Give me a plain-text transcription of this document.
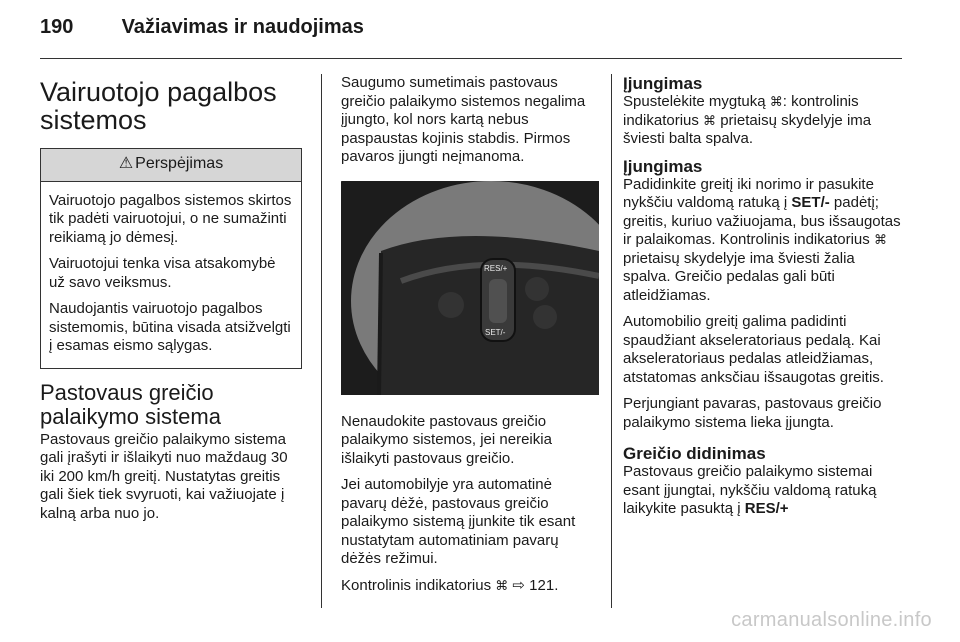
190 Važiavimas ir naudojimas
Vairuotojo pagalbos sistemos
⚠ Perspėjimas

Vairuotojo pagalbos sistemos skirtos tik padėti vairuotojui, o ne sumažinti reikiamą jo dėmesį.

Vairuotojui tenka visa atsakomybė už savo veiksmus.

Naudojantis vairuotojo pagalbos sistemomis, būtina visada atsižvelgti į esamas eismo sąlygas.

Pastovaus greičio palaikymo sistema

Pastovaus greičio palaikymo sistema gali įrašyti ir išlaikyti nuo maždaug 30 iki 200 km/h greitį. Nustatytas greitis gali šiek tiek svyruoti, kai važiuojate į kalną arba nuo jo.

Saugumo sumetimais pastovaus greičio palaikymo sistemos negalima įjungto, kol nors kartą nebus paspaustas kojinis stabdis. Pirmos pavaros įjungti neįmanoma.

RES/+
SET/-

Nenaudokite pastovaus greičio palaikymo sistemos, jei nereikia išlaikyti pastovaus greičio.

Jei automobilyje yra automatinė pavarų dėžė, pastovaus greičio palaikymo sistemą įjunkite tik esant nustatytam automatiniam pavarų dėžės režimui.

Kontrolinis indikatorius ⌘ ⇨ 121.

Įjungimas

Spustelėkite mygtuką ⌘: kontrolinis indikatorius ⌘ prietaisų skydelyje ima šviesti balta spalva.

Įjungimas

Padidinkite greitį iki norimo ir pasukite nykščiu valdomą ratuką į SET/- padėtį; greitis, kuriuo važiuojama, bus išsaugotas ir palaikomas. Kontrolinis indikatorius ⌘ prietaisų skydelyje ima šviesti žalia spalva. Greičio pedalas gali būti atleidžiamas.

Automobilio greitį galima padidinti spaudžiant akseleratoriaus pedalą. Kai akseleratoriaus pedalas atleidžiamas, atstatomas anksčiau išsaugotas greitis.

Perjungiant pavaras, pastovaus greičio palaikymo sistema lieka įjungta.

Greičio didinimas

Pastovaus greičio palaikymo sistemai esant įjungtai, nykščiu valdomą ratuką laikykite pasuktą į RES/+

carmanualsonline.info
